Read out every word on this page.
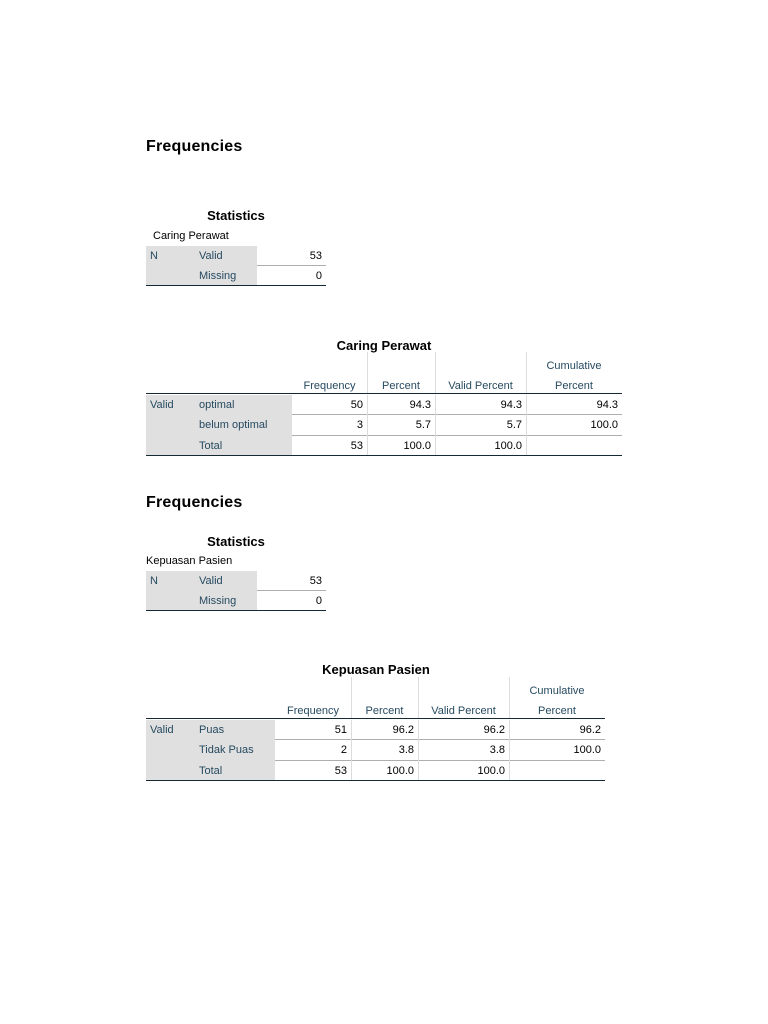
Frequencies
Statistics
Caring Perawat
N	Valid	53
Missing	0
Caring Perawat
Frequency	Percent	Valid Percent
Cumulative
Percent
Valid	optimal	50	94.3	94.3	94.3
belum optimal	3	5.7	5.7	100.0
Total	53	100.0	100.0
Frequencies
Statistics
Kepuasan Pasien
N	Valid	53
Missing	0
Kepuasan Pasien
Frequency	Percent	Valid Percent
Cumulative
Percent
Valid	Puas	51	96.2	96.2	96.2
Tidak Puas	2	3.8	3.8	100.0
Total	53	100.0	100.0
